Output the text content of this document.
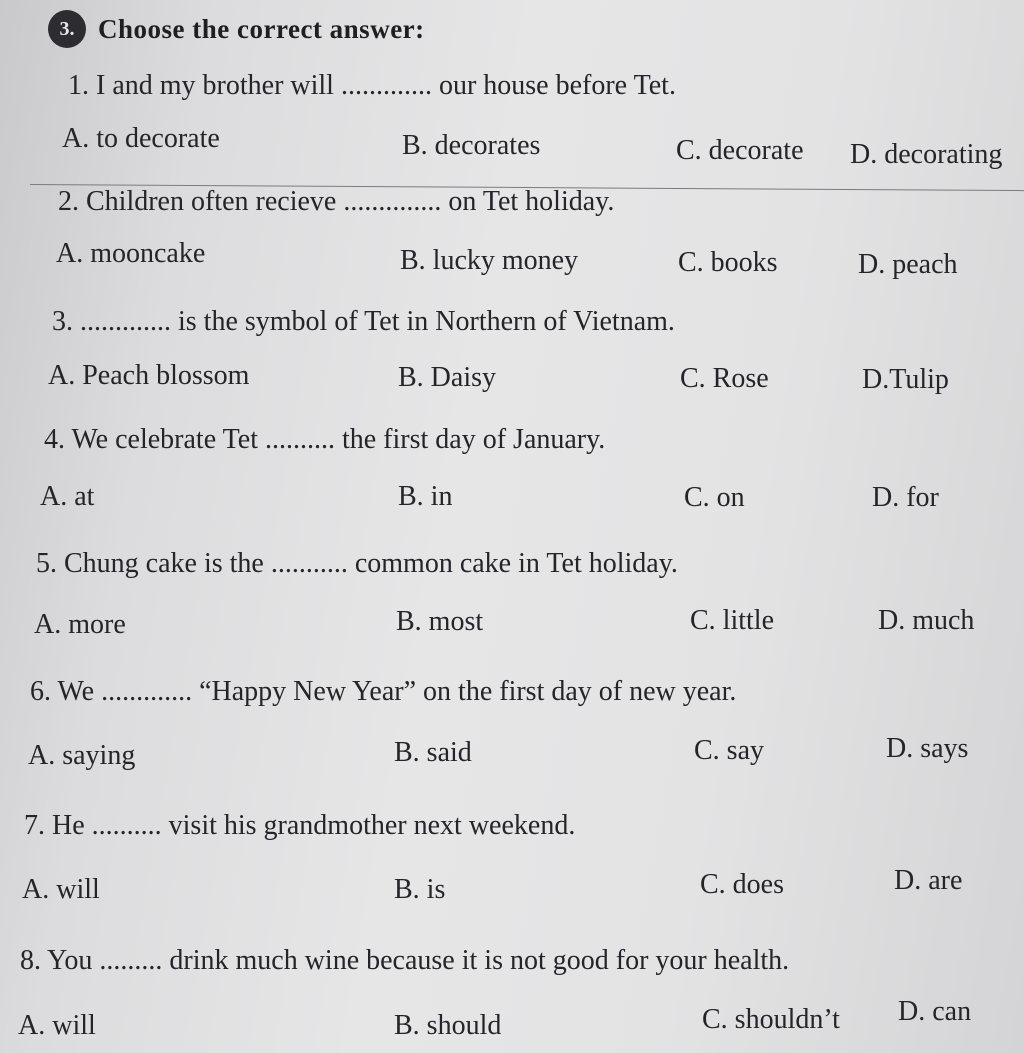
3. Choose the correct answer:
1. I and my brother will ............. our house before Tet.
A. to decorate	B. decorates	C. decorate D. decorating
2. Children often recieve .............. on Tet holiday.
A. mooncake	B. lucky money	C. books	D. peach
3. ............. is the symbol of Tet in Northern of Vietnam.
A. Peach blossom	B. Daisy	C. Rose	D.Tulip
4. We celebrate Tet .......... the first day of January.
A. at	B. in	C. on	D. for
5. Chung cake is the ........... common cake in Tet holiday.
A. more	B. most	C. little	D. much
6. We ............. “Happy New Year” on the first day of new year.
A. saying	B. said	C. say	D. says
7. He .......... visit his grandmother next weekend.
A. will	B. is	C. does	D. are
8. You ......... drink much wine because it is not good for your health.
A. will	B. should	C. shouldn’t D. can
